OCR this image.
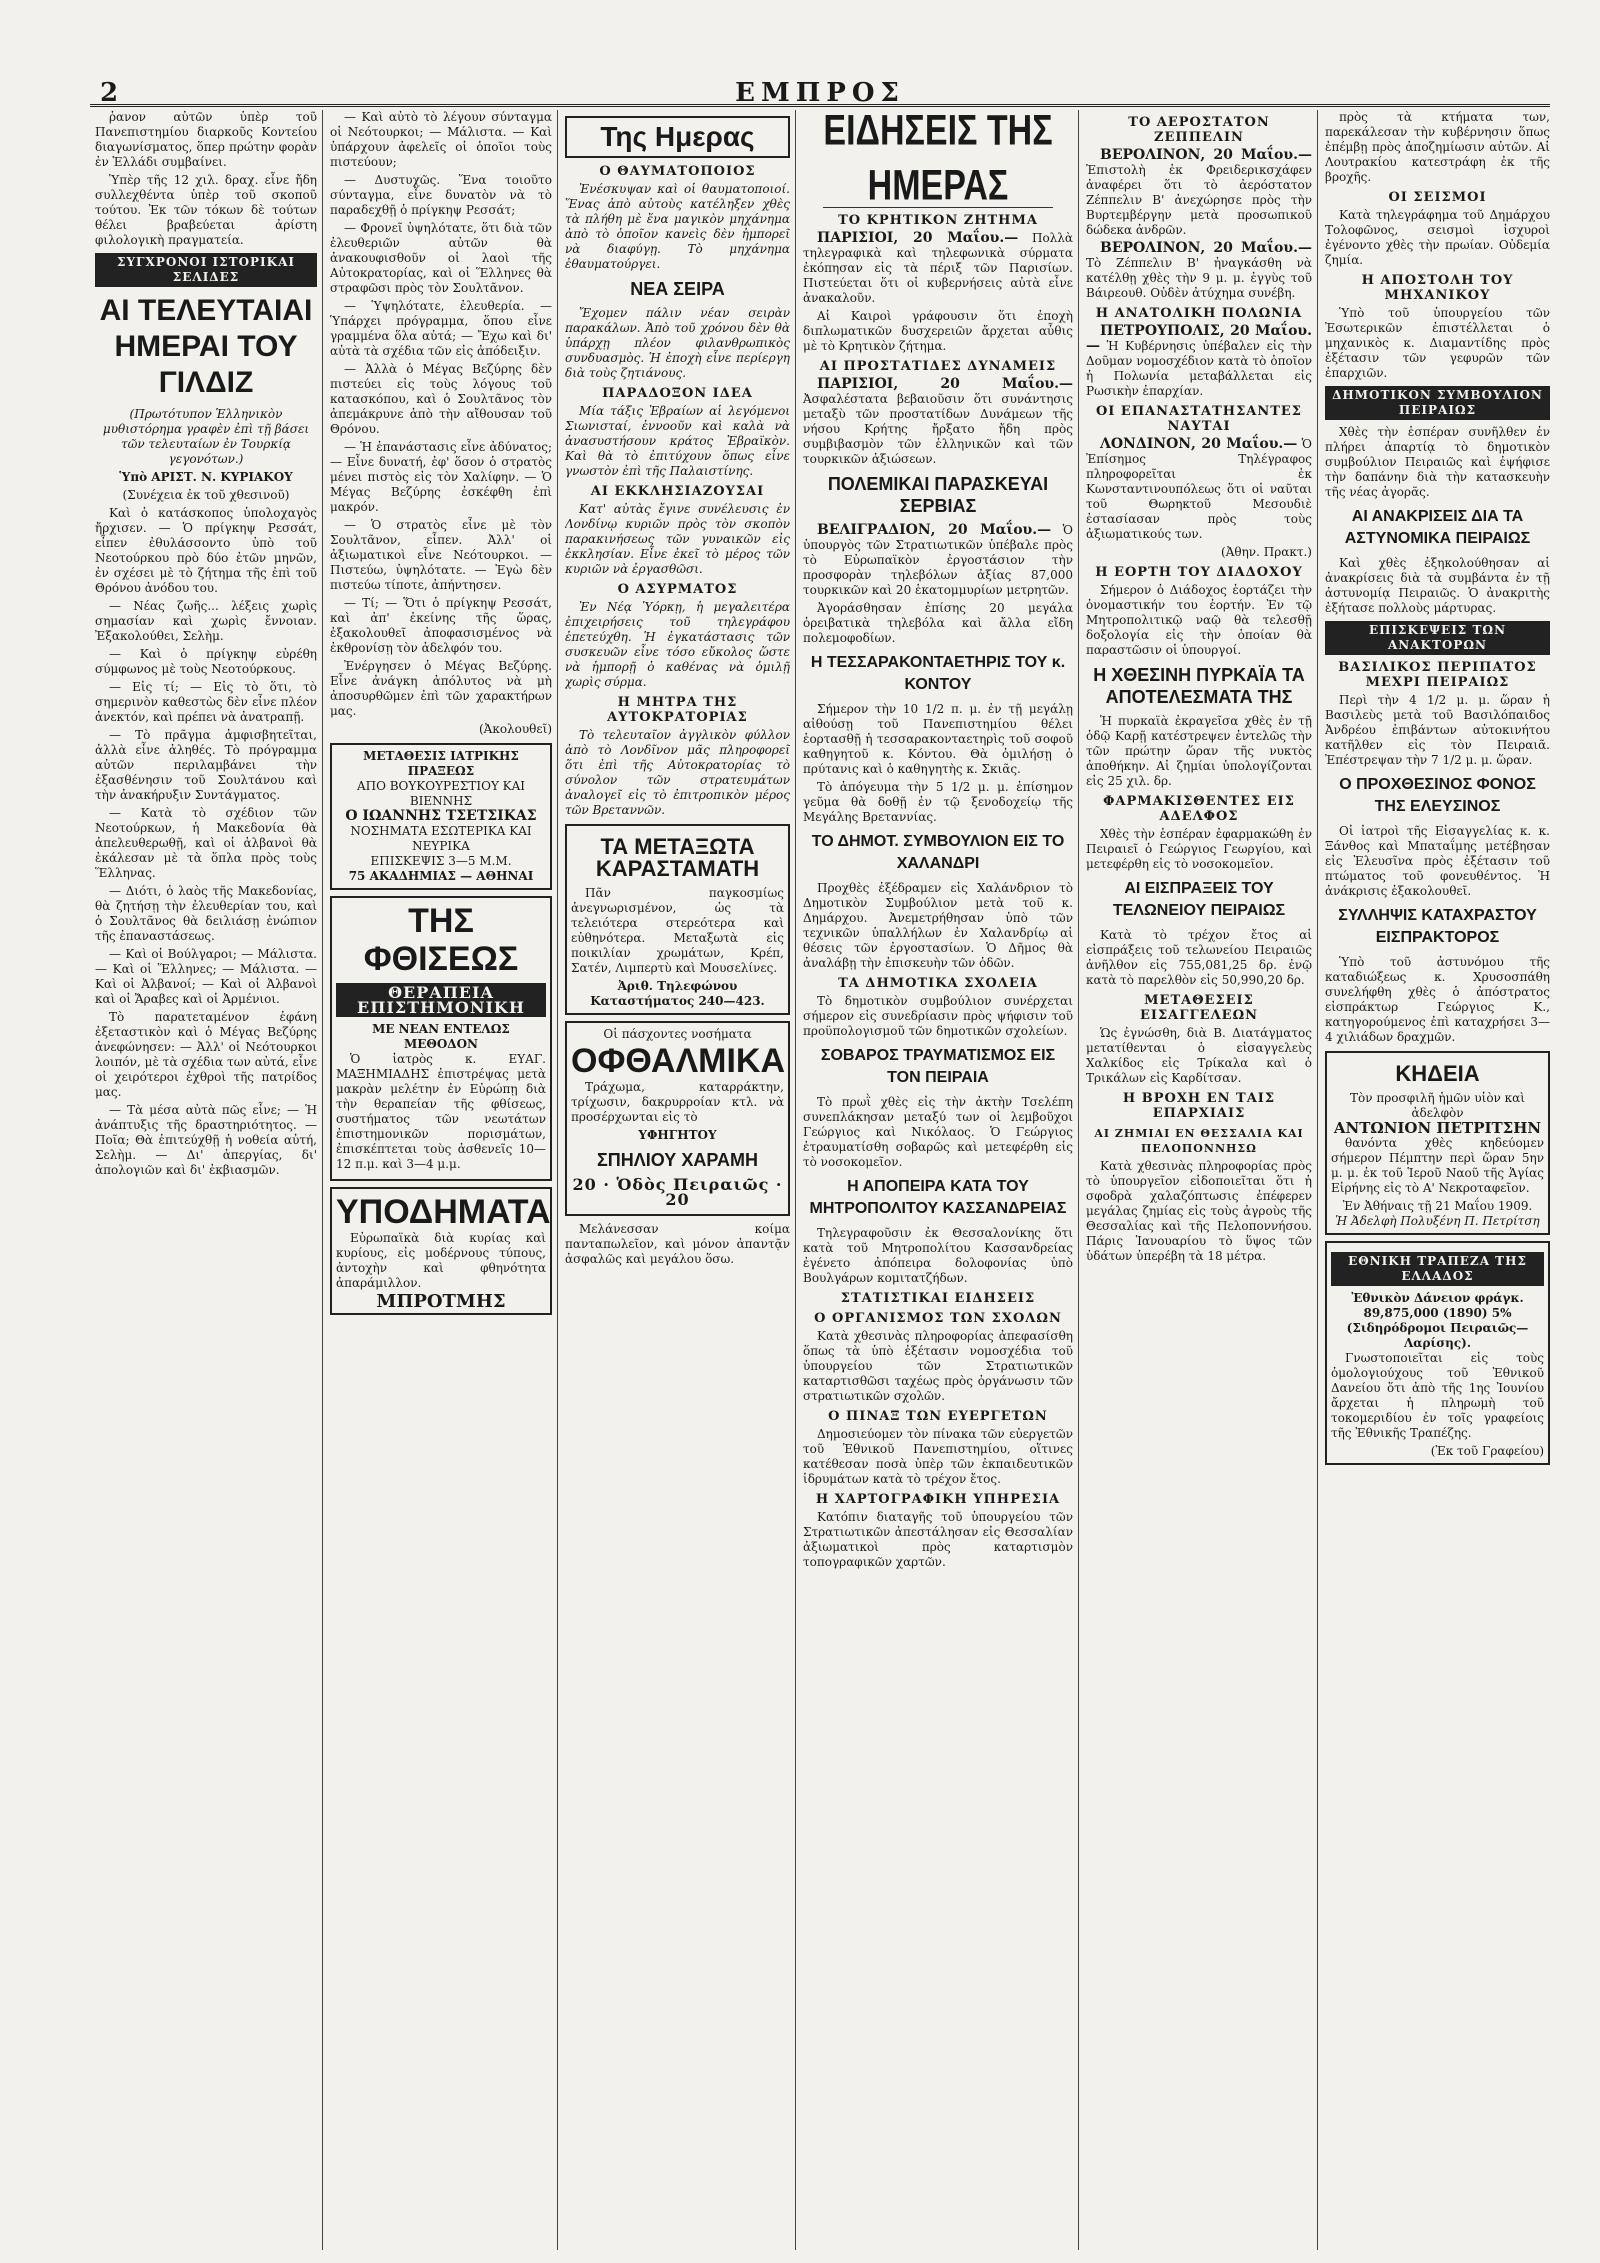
2	ΕΜΠΡΟΣ

ῥανον αὐτῶν ὑπὲρ τοῦ Πανεπιστημίου διαρκοῦς Κοντείου διαγωνίσματος, ὅπερ πρώτην φορὰν ἐν Ἑλλάδι συμβαίνει.

Ὑπὲρ τῆς 12 χιλ. δραχ. εἶνε ἤδη συλλεχθέντα ὑπὲρ τοῦ σκοποῦ τούτου. Ἐκ τῶν τόκων δὲ τούτων θέλει βραβεύεται ἀρίστη φιλολογικὴ πραγματεία.

ΣΥΓΧΡΟΝΟΙ ΙΣΤΟΡΙΚΑΙ ΣΕΛΙΔΕΣ
ΑΙ ΤΕΛΕΥΤΑΙΑΙ ΗΜΕΡΑΙ ΤΟΥ ΓΙΛΔΙΖ

(Πρωτότυπον Ἑλληνικὸν μυθιστόρημα γραφὲν ἐπὶ τῇ βάσει τῶν τελευταίων ἐν Τουρκίᾳ γεγονότων.)

Ὑπὸ ΑΡΙΣΤ. Ν. ΚΥΡΙΑΚΟΥ

(Συνέχεια ἐκ τοῦ χθεσινοῦ)

Καὶ ὁ κατάσκοπος ὑπολοχαγὸς ἤρχισεν. — Ὁ πρίγκηψ Ρεσσάτ, εἶπεν ἐθυλάσσοντο ὑπὸ τοῦ Νεοτούρκου πρὸ δύο ἐτῶν μηνῶν, ἐν σχέσει μὲ τὸ ζήτημα τῆς ἐπὶ τοῦ Θρόνου ἀνόδου του.

— Νέας ζωῆς... λέξεις χωρὶς σημασίαν καὶ χωρὶς ἔννοιαν. Ἐξακολούθει, Σελὴμ.

— Καὶ ὁ πρίγκηψ εὑρέθη σύμφωνος μὲ τοὺς Νεοτούρκους.

— Εἰς τί; — Εἰς τὸ ὅτι, τὸ σημερινὸν καθεστὼς δὲν εἶνε πλέον ἀνεκτόν, καὶ πρέπει νὰ ἀνατραπῇ.

— Τὸ πρᾶγμα ἀμφισβητεῖται, ἀλλὰ εἶνε ἀληθές. Τὸ πρόγραμμα αὐτῶν περιλαμβάνει τὴν ἐξασθένησιν τοῦ Σουλτάνου καὶ τὴν ἀνακήρυξιν Συντάγματος.

— Κατὰ τὸ σχέδιον τῶν Νεοτούρκων, ἡ Μακεδονία θὰ ἀπελευθερωθῇ, καὶ οἱ ἀλβανοὶ θὰ ἐκάλεσαν μὲ τὰ ὅπλα πρὸς τοὺς Ἕλληνας.

— Διότι, ὁ λαὸς τῆς Μακεδονίας, θὰ ζητήσῃ τὴν ἐλευθερίαν του, καὶ ὁ Σουλτᾶνος θὰ δειλιάσῃ ἐνώπιον τῆς ἐπαναστάσεως.

— Καὶ οἱ Βούλγαροι; — Μάλιστα. — Καὶ οἱ Ἕλληνες; — Μάλιστα. — Καὶ οἱ Ἀλβανοί; — Καὶ οἱ Ἀλβανοὶ καὶ οἱ Ἄραβες καὶ οἱ Ἀρμένιοι.

Τὸ παρατεταμένον ἐφάνη ἐξεταστικὸν καὶ ὁ Μέγας Βεζύρης ἀνεφώνησεν: — Ἀλλ' οἱ Νεότουρκοι λοιπόν, μὲ τὰ σχέδια των αὐτά, εἶνε οἱ χειρότεροι ἐχθροὶ τῆς πατρίδος μας.

— Τὰ μέσα αὐτὰ πῶς εἶνε; — Ἡ ἀνάπτυξις τῆς δραστηριότητος. — Ποῖα; Θὰ ἐπιτεύχθῇ ἡ νοθεία αὐτή, Σελὴμ. — Δι' ἀπεργίας, δι' ἀπολογιῶν καὶ δι' ἐκβιασμῶν.

— Καὶ αὐτὸ τὸ λέγουν σύνταγμα οἱ Νεότουρκοι; — Μάλιστα. — Καὶ ὑπάρχουν ἀφελεῖς οἱ ὁποῖοι τοὺς πιστεύουν;

— Δυστυχῶς. Ἕνα τοιοῦτο σύνταγμα, εἶνε δυνατὸν νὰ τὸ παραδεχθῇ ὁ πρίγκηψ Ρεσσάτ;

— Φρονεῖ ὑψηλότατε, ὅτι διὰ τῶν ἐλευθεριῶν αὐτῶν θὰ ἀνακουφισθοῦν οἱ λαοὶ τῆς Αὐτοκρατορίας, καὶ οἱ Ἕλληνες θὰ στραφῶσι πρὸς τὸν Σουλτᾶνον.

— Ὑψηλότατε, ἐλευθερία. — Ὑπάρχει πρόγραμμα, ὅπου εἶνε γραμμένα ὅλα αὐτά; — Ἔχω καὶ δι' αὐτὰ τὰ σχέδια τῶν εἰς ἀπόδειξιν.

— Ἀλλὰ ὁ Μέγας Βεζύρης δὲν πιστεύει εἰς τοὺς λόγους τοῦ κατασκόπου, καὶ ὁ Σουλτᾶνος τὸν ἀπεμάκρυνε ἀπὸ τὴν αἴθουσαν τοῦ Θρόνου.

— Ἡ ἐπανάστασις εἶνε ἀδύνατος; — Εἶνε δυνατή, ἐφ' ὅσον ὁ στρατὸς μένει πιστὸς εἰς τὸν Χαλίφην. — Ὁ Μέγας Βεζύρης ἐσκέφθη ἐπὶ μακρόν.

— Ὁ στρατὸς εἶνε μὲ τὸν Σουλτᾶνον, εἶπεν. Ἀλλ' οἱ ἀξιωματικοὶ εἶνε Νεότουρκοι. — Πιστεύω, ὑψηλότατε. — Ἐγὼ δὲν πιστεύω τίποτε, ἀπήντησεν.

— Τί; — Ὅτι ὁ πρίγκηψ Ρεσσάτ, καὶ ἀπ' ἐκείνης τῆς ὥρας, ἐξακολουθεῖ ἀποφασισμένος νὰ ἐκθρονίσῃ τὸν ἀδελφόν του.

Ἐνέργησεν ὁ Μέγας Βεζύρης. Εἶνε ἀνάγκη ἀπόλυτος νὰ μὴ ἀποσυρθῶμεν ἐπὶ τῶν χαρακτήρων μας.

(Ἀκολουθεῖ)

ΜΕΤΑΘΕΣΙΣ ΙΑΤΡΙΚΗΣ ΠΡΑΞΕΩΣ
ΑΠΟ ΒΟΥΚΟΥΡΕΣΤΙΟΥ ΚΑΙ ΒΙΕΝΝΗΣ
Ο ΙΩΑΝΝΗΣ ΤΣΕΤΣΙΚΑΣ
ΝΟΣΗΜΑΤΑ ΕΣΩΤΕΡΙΚΑ ΚΑΙ ΝΕΥΡΙΚΑ
ΕΠΙΣΚΕΨΙΣ 3—5 Μ.Μ.
75 ΑΚΑΔΗΜΙΑΣ — ΑΘΗΝΑΙ
ΤΗΣ ΦΘΙΣΕΩΣ
ΘΕΡΑΠΕΙΑ ΕΠΙΣΤΗΜΟΝΙΚΗ
ΜΕ ΝΕΑΝ ΕΝΤΕΛΩΣ ΜΕΘΟΔΟΝ

Ὁ ἰατρὸς κ. ΕΥΑΓ. ΜΑΞΗΜΙΑΔΗΣ ἐπιστρέψας μετὰ μακρὰν μελέτην ἐν Εὐρώπῃ διὰ τὴν θεραπείαν τῆς φθίσεως, συστήματος τῶν νεωτάτων ἐπιστημονικῶν πορισμάτων, ἐπισκέπτεται τοὺς ἀσθενεῖς 10—12 π.μ. καὶ 3—4 μ.μ.

ΥΠΟΔΗΜΑΤΑ

Εὐρωπαϊκὰ διὰ κυρίας καὶ κυρίους, εἰς μοδέρνους τύπους, ἀντοχὴν καὶ φθηνότητα ἀπαράμιλλον.

ΜΠΡΟΤΜΗΣ
Της Ημερας
Ο ΘΑΥΜΑΤΟΠΟΙΟΣ

Ἐνέσκυψαν καὶ οἱ θαυματοποιοί. Ἕνας ἀπὸ αὐτοὺς κατέληξεν χθὲς τὰ πλήθη μὲ ἕνα μαγικὸν μηχάνημα ἀπὸ τὸ ὁποῖον κανεὶς δὲν ἠμπορεῖ νὰ διαφύγῃ. Τὸ μηχάνημα ἐθαυματούργει.

ΝΕΑ ΣΕΙΡΑ

Ἔχομεν πάλιν νέαν σειρὰν παρακάλων. Ἀπὸ τοῦ χρόνου δὲν θὰ ὑπάρχῃ πλέον φιλανθρωπικὸς συνδυασμὸς. Ἡ ἐποχὴ εἶνε περίεργη διὰ τοὺς ζητιάνους.

ΠΑΡΑΔΟΞΟΝ ΙΔΕΑ

Μία τάξις Ἑβραίων αἱ λεγόμενοι Σιωνισταί, ἐννοοῦν καὶ καλὰ νὰ ἀνασυστήσουν κράτος Ἑβραϊκὸν. Καὶ θὰ τὸ ἐπιτύχουν ὅπως εἶνε γνωστὸν ἐπὶ τῆς Παλαιστίνης.

ΑΙ ΕΚΚΛΗΣΙΑΖΟΥΣΑΙ

Κατ' αὐτὰς ἔγινε συνέλευσις ἐν Λονδίνῳ κυριῶν πρὸς τὸν σκοπὸν παρακινήσεως τῶν γυναικῶν εἰς ἐκκλησίαν. Εἶνε ἐκεῖ τὸ μέρος τῶν κυριῶν νὰ ἐργασθῶσι.

Ο ΑΣΥΡΜΑΤΟΣ

Ἐν Νέᾳ Ὑόρκῃ, ἡ μεγαλειτέρα ἐπιχειρήσεις τοῦ τηλεγράφου ἐπετεύχθη. Ἡ ἐγκατάστασις τῶν συσκευῶν εἶνε τόσο εὔκολος ὥστε νὰ ἡμπορῇ ὁ καθένας νὰ ὁμιλῇ χωρὶς σύρμα.

Η ΜΗΤΡΑ ΤΗΣ ΑΥΤΟΚΡΑΤΟΡΙΑΣ

Τὸ τελευταῖον ἀγγλικὸν φύλλον ἀπὸ τὸ Λονδῖνον μᾶς πληροφορεῖ ὅτι ἐπὶ τῆς Αὐτοκρατορίας τὸ σύνολον τῶν στρατευμάτων ἀναλογεῖ εἰς τὸ ἐπιτροπικὸν μέρος τῶν Βρεταννῶν.

ΤΑ ΜΕΤΑΞΩΤΑ ΚΑΡΑΣΤΑΜΑΤΗ

Πᾶν παγκοσμίως ἀνεγνωρισμένον, ὡς τὰ τελειότερα στερεότερα καὶ εὐθηνότερα. Μεταξωτὰ εἰς ποικιλίαν χρωμάτων, Κρέπ, Σατέν, Λιμπερτὺ καὶ Μουσελίνες.

Ἀριθ. Τηλεφώνου Καταστήματος 240—423.
Οἱ πάσχοντες νοσήματα
ΟΦΘΑΛΜΙΚΑ

Τράχωμα, καταρράκτην, τρίχωσιν, δακρυρροίαν κτλ. νὰ προσέρχωνται εἰς τὸ

ΥΦΗΓΗΤΟΥ
ΣΠΗΛΙΟΥ ΧΑΡΑΜΗ
20 · Ὁδὸς Πειραιῶς · 20

Μελάνεσσαν κοίμα πανταπωλεῖον, καὶ μόνον ἀπαντᾷν ἀσφαλῶς καὶ μεγάλου ὅσω.

ΕΙΔΗΣΕΙΣ ΤΗΣ ΗΜΕΡΑΣ
ΤΟ ΚΡΗΤΙΚΟΝ ΖΗΤΗΜΑ

ΠΑΡΙΣΙΟΙ, 20 Μαΐου.— Πολλὰ τηλεγραφικὰ καὶ τηλεφωνικὰ σύρματα ἐκόπησαν εἰς τὰ πέριξ τῶν Παρισίων. Πιστεύεται ὅτι οἱ κυβερνήσεις αὐτὰ εἶνε ἀνακαλοῦν.

Αἱ Καιροὶ γράφουσιν ὅτι ἐποχὴ διπλωματικῶν δυσχερειῶν ἄρχεται αὖθις μὲ τὸ Κρητικὸν ζήτημα.

ΑΙ ΠΡΟΣΤΑΤΙΔΕΣ ΔΥΝΑΜΕΙΣ

ΠΑΡΙΣΙΟΙ, 20 Μαΐου.— Ἀσφαλέστατα βεβαιοῦσιν ὅτι συνάντησις μεταξὺ τῶν προστατίδων Δυνάμεων τῆς νήσου Κρήτης ἤρξατο ἤδη πρὸς συμβιβασμὸν τῶν ἑλληνικῶν καὶ τῶν τουρκικῶν ἀξιώσεων.

ΠΟΛΕΜΙΚΑΙ ΠΑΡΑΣΚΕΥΑΙ ΣΕΡΒΙΑΣ

ΒΕΛΙΓΡΑΔΙΟΝ, 20 Μαΐου.— Ὁ ὑπουργὸς τῶν Στρατιωτικῶν ὑπέβαλε πρὸς τὸ Εὐρωπαϊκὸν ἐργοστάσιον τὴν προσφορὰν τηλεβόλων ἀξίας 87,000 τουρκικῶν καὶ 20 ἑκατομμυρίων μετρητῶν.

Ἀγοράσθησαν ἐπίσης 20 μεγάλα ὁρειβατικὰ τηλεβόλα καὶ ἄλλα εἴδη πολεμοφοδίων.

Η ΤΕΣΣΑΡΑΚΟΝΤΑΕΤΗΡΙΣ ΤΟΥ κ. ΚΟΝΤΟΥ

Σήμερον τὴν 10 1/2 π. μ. ἐν τῇ μεγάλῃ αἰθούσῃ τοῦ Πανεπιστημίου θέλει ἑορτασθῇ ἡ τεσσαρακονταετηρὶς τοῦ σοφοῦ καθηγητοῦ κ. Κόντου. Θὰ ὁμιλήσῃ ὁ πρύτανις καὶ ὁ καθηγητὴς κ. Σκιᾶς.

Τὸ ἀπόγευμα τὴν 5 1/2 μ. μ. ἐπίσημον γεῦμα θὰ δοθῇ ἐν τῷ ξενοδοχείῳ τῆς Μεγάλης Βρεταννίας.

ΤΟ ΔΗΜΟΤ. ΣΥΜΒΟΥΛΙΟΝ ΕΙΣ ΤΟ ΧΑΛΑΝΔΡΙ

Προχθὲς ἐξέδραμεν εἰς Χαλάνδριον τὸ Δημοτικὸν Συμβούλιον μετὰ τοῦ κ. Δημάρχου. Ἀνεμετρήθησαν ὑπὸ τῶν τεχνικῶν ὑπαλλήλων ἐν Χαλανδρίῳ αἱ θέσεις τῶν ἐργοστασίων. Ὁ Δῆμος θὰ ἀναλάβῃ τὴν ἐπισκευὴν τῶν ὁδῶν.

ΤΑ ΔΗΜΟΤΙΚΑ ΣΧΟΛΕΙΑ

Τὸ δημοτικὸν συμβούλιον συνέρχεται σήμερον εἰς συνεδρίασιν πρὸς ψήφισιν τοῦ προϋπολογισμοῦ τῶν δημοτικῶν σχολείων.

ΣΟΒΑΡΟΣ ΤΡΑΥΜΑΤΙΣΜΟΣ ΕΙΣ ΤΟΝ ΠΕΙΡΑΙΑ

Τὸ πρωῒ χθὲς εἰς τὴν ἀκτὴν Τσελέπη συνεπλάκησαν μεταξύ των οἱ λεμβοῦχοι Γεώργιος καὶ Νικόλαος. Ὁ Γεώργιος ἐτραυματίσθη σοβαρῶς καὶ μετεφέρθη εἰς τὸ νοσοκομεῖον.

Η ΑΠΟΠΕΙΡΑ ΚΑΤΑ ΤΟΥ ΜΗΤΡΟΠΟΛΙΤΟΥ ΚΑΣΣΑΝΔΡΕΙΑΣ

Τηλεγραφοῦσιν ἐκ Θεσσαλονίκης ὅτι κατὰ τοῦ Μητροπολίτου Κασσανδρείας ἐγένετο ἀπόπειρα δολοφονίας ὑπὸ Βουλγάρων κομιτατζήδων.

ΣΤΑΤΙΣΤΙΚΑΙ ΕΙΔΗΣΕΙΣ
Ο ΟΡΓΑΝΙΣΜΟΣ ΤΩΝ ΣΧΟΛΩΝ

Κατὰ χθεσινὰς πληροφορίας ἀπεφασίσθη ὅπως τὰ ὑπὸ ἐξέτασιν νομοσχέδια τοῦ ὑπουργείου τῶν Στρατιωτικῶν καταρτισθῶσι ταχέως πρὸς ὀργάνωσιν τῶν στρατιωτικῶν σχολῶν.

Ο ΠΙΝΑΞ ΤΩΝ ΕΥΕΡΓΕΤΩΝ

Δημοσιεύομεν τὸν πίνακα τῶν εὐεργετῶν τοῦ Ἐθνικοῦ Πανεπιστημίου, οἵτινες κατέθεσαν ποσὰ ὑπὲρ τῶν ἐκπαιδευτικῶν ἱδρυμάτων κατὰ τὸ τρέχον ἔτος.

Η ΧΑΡΤΟΓΡΑΦΙΚΗ ΥΠΗΡΕΣΙΑ

Κατόπιν διαταγῆς τοῦ ὑπουργείου τῶν Στρατιωτικῶν ἀπεστάλησαν εἰς Θεσσαλίαν ἀξιωματικοὶ πρὸς καταρτισμὸν τοπογραφικῶν χαρτῶν.

ΤΟ ΑΕΡΟΣΤΑΤΟΝ ΖΕΠΠΕΛΙΝ

ΒΕΡΟΛΙΝΟΝ, 20 Μαΐου.— Ἐπιστολὴ ἐκ Φρειδερικσχάφεν ἀναφέρει ὅτι τὸ ἀερόστατον Ζέππελιν Β' ἀνεχώρησε πρὸς τὴν Βυρτεμβέργην μετὰ προσωπικοῦ δώδεκα ἀνδρῶν.

ΒΕΡΟΛΙΝΟΝ, 20 Μαΐου.— Τὸ Ζέππελιν Β' ἠναγκάσθη νὰ κατέλθῃ χθὲς τὴν 9 μ. μ. ἐγγὺς τοῦ Βάιρεουθ. Οὐδὲν ἀτύχημα συνέβη.

Η ΑΝΑΤΟΛΙΚΗ ΠΟΛΩΝΙΑ

ΠΕΤΡΟΥΠΟΛΙΣ, 20 Μαΐου.— Ἡ Κυβέρνησις ὑπέβαλεν εἰς τὴν Δοῦμαν νομοσχέδιον κατὰ τὸ ὁποῖον ἡ Πολωνία μεταβάλλεται εἰς Ρωσικὴν ἐπαρχίαν.

ΟΙ ΕΠΑΝΑΣΤΑΤΗΣΑΝΤΕΣ ΝΑΥΤΑΙ

ΛΟΝΔΙΝΟΝ, 20 Μαΐου.— Ὁ Ἐπίσημος Τηλέγραφος πληροφορεῖται ἐκ Κωνσταντινουπόλεως ὅτι οἱ ναῦται τοῦ Θωρηκτοῦ Μεσουδιὲ ἐστασίασαν πρὸς τοὺς ἀξιωματικούς των.

(Ἀθην. Πρακτ.)

Η ΕΟΡΤΗ ΤΟΥ ΔΙΑΔΟΧΟΥ

Σήμερον ὁ Διάδοχος ἑορτάζει τὴν ὀνομαστικήν του ἑορτήν. Ἐν τῷ Μητροπολιτικῷ ναῷ θὰ τελεσθῇ δοξολογία εἰς τὴν ὁποίαν θὰ παραστῶσιν οἱ ὑπουργοί.

Η ΧΘΕΣΙΝΗ ΠΥΡΚΑΪΑ ΤΑ ΑΠΟΤΕΛΕΣΜΑΤΑ ΤΗΣ

Ἡ πυρκαϊὰ ἐκραγεῖσα χθὲς ἐν τῇ ὁδῷ Καρῇ κατέστρεψεν ἐντελῶς τὴν τῶν πρώτην ὥραν τῆς νυκτὸς ἀποθήκην. Αἱ ζημίαι ὑπολογίζονται εἰς 25 χιλ. δρ.

ΦΑΡΜΑΚΙΣΘΕΝΤΕΣ ΕΙΣ ΑΔΕΛΦΟΣ

Χθὲς τὴν ἑσπέραν ἐφαρμακώθη ἐν Πειραιεῖ ὁ Γεώργιος Γεωργίου, καὶ μετεφέρθη εἰς τὸ νοσοκομεῖον.

ΑΙ ΕΙΣΠΡΑΞΕΙΣ ΤΟΥ ΤΕΛΩΝΕΙΟΥ ΠΕΙΡΑΙΩΣ

Κατὰ τὸ τρέχον ἔτος αἱ εἰσπράξεις τοῦ τελωνείου Πειραιῶς ἀνῆλθον εἰς 755,081,25 δρ. ἐνῷ κατὰ τὸ παρελθὸν εἰς 50,990,20 δρ.

ΜΕΤΑΘΕΣΕΙΣ ΕΙΣΑΓΓΕΛΕΩΝ

Ὡς ἐγνώσθη, διὰ Β. Διατάγματος μετατίθενται ὁ εἰσαγγελεὺς Χαλκίδος εἰς Τρίκαλα καὶ ὁ Τρικάλων εἰς Καρδίτσαν.

Η ΒΡΟΧΗ ΕΝ ΤΑΙΣ ΕΠΑΡΧΙΑΙΣ
ΑΙ ΖΗΜΙΑΙ ΕΝ ΘΕΣΣΑΛΙΑ ΚΑΙ ΠΕΛΟΠΟΝΝΗΣΩ

Κατὰ χθεσινὰς πληροφορίας πρὸς τὸ ὑπουργεῖον εἰδοποιεῖται ὅτι ἡ σφοδρὰ χαλαζόπτωσις ἐπέφερεν μεγάλας ζημίας εἰς τοὺς ἀγροὺς τῆς Θεσσαλίας καὶ τῆς Πελοποννήσου. Πάρις Ἰανουαρίου τὸ ὕψος τῶν ὑδάτων ὑπερέβη τὰ 18 μέτρα.

πρὸς τὰ κτήματα των, παρεκάλεσαν τὴν κυβέρνησιν ὅπως ἐπέμβῃ πρὸς ἀποζημίωσιν αὐτῶν. Αἱ Λουτρακίου κατεστράφη ἐκ τῆς βροχῆς.

ΟΙ ΣΕΙΣΜΟΙ

Κατὰ τηλεγράφημα τοῦ Δημάρχου Τολοφῶνος, σεισμοὶ ἰσχυροὶ ἐγένοντο χθὲς τὴν πρωίαν. Οὐδεμία ζημία.

Η ΑΠΟΣΤΟΛΗ ΤΟΥ ΜΗΧΑΝΙΚΟΥ

Ὑπὸ τοῦ ὑπουργείου τῶν Ἐσωτερικῶν ἐπιστέλλεται ὁ μηχανικὸς κ. Διαμαντίδης πρὸς ἐξέτασιν τῶν γεφυρῶν τῶν ἐπαρχιῶν.

ΔΗΜΟΤΙΚΟΝ ΣΥΜΒΟΥΛΙΟΝ ΠΕΙΡΑΙΩΣ

Χθὲς τὴν ἑσπέραν συνῆλθεν ἐν πλήρει ἀπαρτίᾳ τὸ δημοτικὸν συμβούλιον Πειραιῶς καὶ ἐψήφισε τὴν δαπάνην διὰ τὴν κατασκευὴν τῆς νέας ἀγορᾶς.

ΑΙ ΑΝΑΚΡΙΣΕΙΣ ΔΙΑ ΤΑ ΑΣΤΥΝΟΜΙΚΑ ΠΕΙΡΑΙΩΣ

Καὶ χθὲς ἐξηκολούθησαν αἱ ἀνακρίσεις διὰ τὰ συμβάντα ἐν τῇ ἀστυνομίᾳ Πειραιῶς. Ὁ ἀνακριτὴς ἐξήτασε πολλοὺς μάρτυρας.

ΕΠΙΣΚΕΨΕΙΣ ΤΩΝ ΑΝΑΚΤΟΡΩΝ
ΒΑΣΙΛΙΚΟΣ ΠΕΡΙΠΑΤΟΣ ΜΕΧΡΙ ΠΕΙΡΑΙΩΣ

Περὶ τὴν 4 1/2 μ. μ. ὥραν ἡ Βασιλεὺς μετὰ τοῦ Βασιλόπαιδος Ἀνδρέου ἐπιβάντων αὐτοκινήτου κατῆλθεν εἰς τὸν Πειραιᾶ. Ἐπέστρεψαν τὴν 7 1/2 μ. μ. ὥραν.

Ο ΠΡΟΧΘΕΣΙΝΟΣ ΦΟΝΟΣ ΤΗΣ ΕΛΕΥΣΙΝΟΣ

Οἱ ἰατροὶ τῆς Εἰσαγγελίας κ. κ. Ξάνθος καὶ Μπαταΐμης μετέβησαν εἰς Ἐλευσῖνα πρὸς ἐξέτασιν τοῦ πτώματος τοῦ φονευθέντος. Ἡ ἀνάκρισις ἐξακολουθεῖ.

ΣΥΛΛΗΨΙΣ ΚΑΤΑΧΡΑΣΤΟΥ ΕΙΣΠΡΑΚΤΟΡΟΣ

Ὑπὸ τοῦ ἀστυνόμου τῆς καταδιώξεως κ. Χρυσοσπάθη συνελήφθη χθὲς ὁ ἀπόστρατος εἰσπράκτωρ Γεώργιος Κ., κατηγορούμενος ἐπὶ καταχρήσει 3—4 χιλιάδων δραχμῶν.

ΚΗΔΕΙΑ
Τὸν προσφιλῆ ἡμῶν υἱὸν καὶ ἀδελφὸν
ΑΝΤΩΝΙΟΝ ΠΕΤΡΙΤΣΗΝ

θανόντα χθὲς κηδεύομεν σήμερον Πέμπτην περὶ ὥραν 5ην μ. μ. ἐκ τοῦ Ἱεροῦ Ναοῦ τῆς Ἁγίας Εἰρήνης εἰς τὸ Α' Νεκροταφεῖον.

Ἐν Ἀθήναις τῇ 21 Μαΐου 1909.
Ἡ Ἀδελφὴ Πολυξένη Π. Πετρίτση
ΕΘΝΙΚΗ ΤΡΑΠΕΖΑ ΤΗΣ ΕΛΛΑΔΟΣ
Ἐθνικὸν Δάνειον φράγκ. 89,875,000 (1890) 5% (Σιδηρόδρομοι Πειραιῶς—Λαρίσης).

Γνωστοποιεῖται εἰς τοὺς ὁμολογιούχους τοῦ Ἐθνικοῦ Δανείου ὅτι ἀπὸ τῆς 1ης Ἰουνίου ἄρχεται ἡ πληρωμὴ τοῦ τοκομεριδίου ἐν τοῖς γραφείοις τῆς Ἐθνικῆς Τραπέζης.

(Ἐκ τοῦ Γραφείου)
